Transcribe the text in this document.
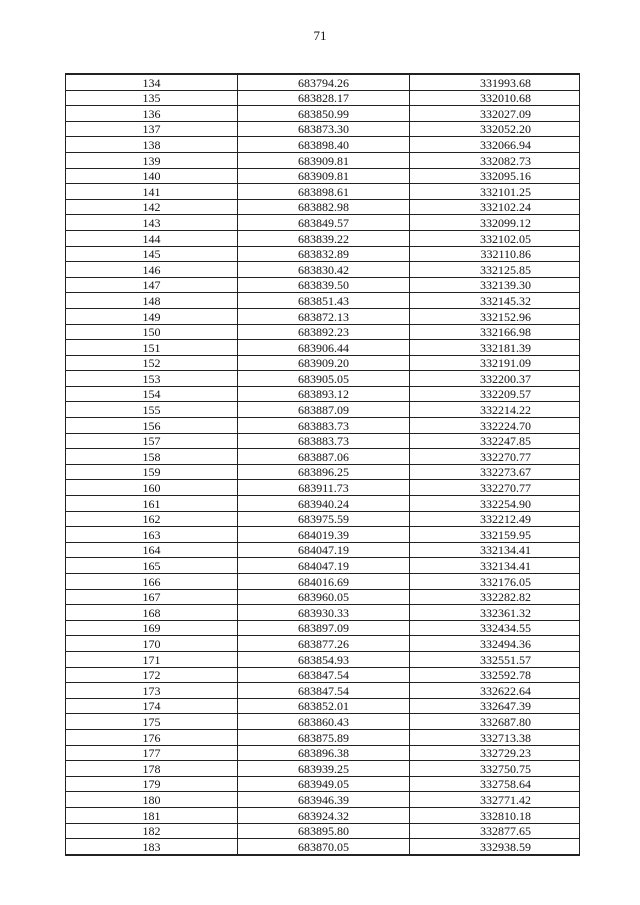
71
134	683794.26	331993.68
135	683828.17	332010.68
136	683850.99	332027.09
137	683873.30	332052.20
138	683898.40	332066.94
139	683909.81	332082.73
140	683909.81	332095.16
141	683898.61	332101.25
142	683882.98	332102.24
143	683849.57	332099.12
144	683839.22	332102.05
145	683832.89	332110.86
146	683830.42	332125.85
147	683839.50	332139.30
148	683851.43	332145.32
149	683872.13	332152.96
150	683892.23	332166.98
151	683906.44	332181.39
152	683909.20	332191.09
153	683905.05	332200.37
154	683893.12	332209.57
155	683887.09	332214.22
156	683883.73	332224.70
157	683883.73	332247.85
158	683887.06	332270.77
159	683896.25	332273.67
160	683911.73	332270.77
161	683940.24	332254.90
162	683975.59	332212.49
163	684019.39	332159.95
164	684047.19	332134.41
165	684047.19	332134.41
166	684016.69	332176.05
167	683960.05	332282.82
168	683930.33	332361.32
169	683897.09	332434.55
170	683877.26	332494.36
171	683854.93	332551.57
172	683847.54	332592.78
173	683847.54	332622.64
174	683852.01	332647.39
175	683860.43	332687.80
176	683875.89	332713.38
177	683896.38	332729.23
178	683939.25	332750.75
179	683949.05	332758.64
180	683946.39	332771.42
181	683924.32	332810.18
182	683895.80	332877.65
183	683870.05	332938.59
